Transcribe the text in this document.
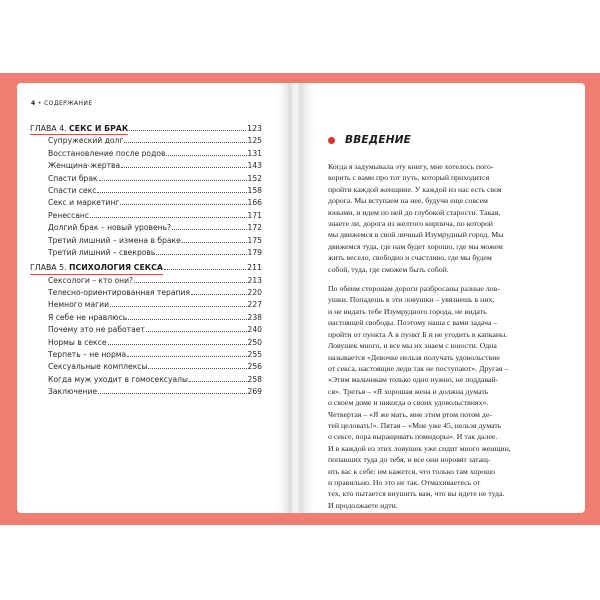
4 • СОДЕРЖАНИЕ
ГЛАВА 4. СЕКС И БРАК	123
Супружеский долг	125
Восстановление после родов	131
Женщина-жертва	143
Спасти брак	152
Спасти секс	158
Секс и маркетинг	166
Ренессанс	171
Долгий брак – новый уровень?	172
Третий лишний – измена в браке	175
Третий лишний – свекровь	179
ГЛАВА 5. ПСИХОЛОГИЯ СЕКСА	211
Сексологи – кто они?	213
Телесно-ориентированная терапия	220
Немного магии	227
Я себе не нравлюсь	238
Почему это не работает	240
Нормы в сексе	250
Терпеть – не норма	255
Сексуальные комплексы	256
Когда муж уходит в гомосексуалы	258
Заключение	269
ВВЕДЕНИЕ
Когда я задумывала эту книгу, мне хотелось пого-
ворить с вами про тот путь, который приходится
пройти каждой женщине. У каждой из нас есть своя
дорога. Мы вступаем на нее, будучи еще совсем
юными, и идем по ней до глубокой старости. Такая,
знаете ли, дорога из желтого кирпича, по которой
мы движемся в свой личный Изумрудный город. Мы
движемся туда, где нам будет хорошо, где мы можем
жить весело, свободно и счастливо, где мы будем
собой, туда, где сможем быть собой.
По обеим сторонам дороги разбросаны разные лов-
ушки. Попадешь в эти ловушки – увязнешь в них,
и не видать тебе Изумрудного города, не видать
настоящей свободы. Поэтому наша с вами задача –
пройти от пункта А в пункт Б и не угодить в капканы.
Ловушек много, и все мы их знаем с юности. Одна
называется «Девочке нельзя получать удовольствие
от секса, настоящие леди так не поступают». Другая –
«Этим мальчикам только одно нужно, не поддавай-
ся». Третья – «Я хорошая жена и должна думать
о своем доме и никогда о своих удовольствиях».
Четвертая – «Я же мать, мне этим ртом потом де-
тей целовать!». Пятая – «Мне уже 45, нельзя думать
о сексе, пора выращивать помидоры». И так далее.
И в каждой из этих ловушек уже сидит много женщин,
попавших туда до тебя, и все они норовят затащ-
ить вас к себе: им кажется, что только там хорошо
и правильно. Но это не так. Отмахиваетесь от
тех, кто пытается внушить вам, что вы идете не туда.
И продолжаете идти.
